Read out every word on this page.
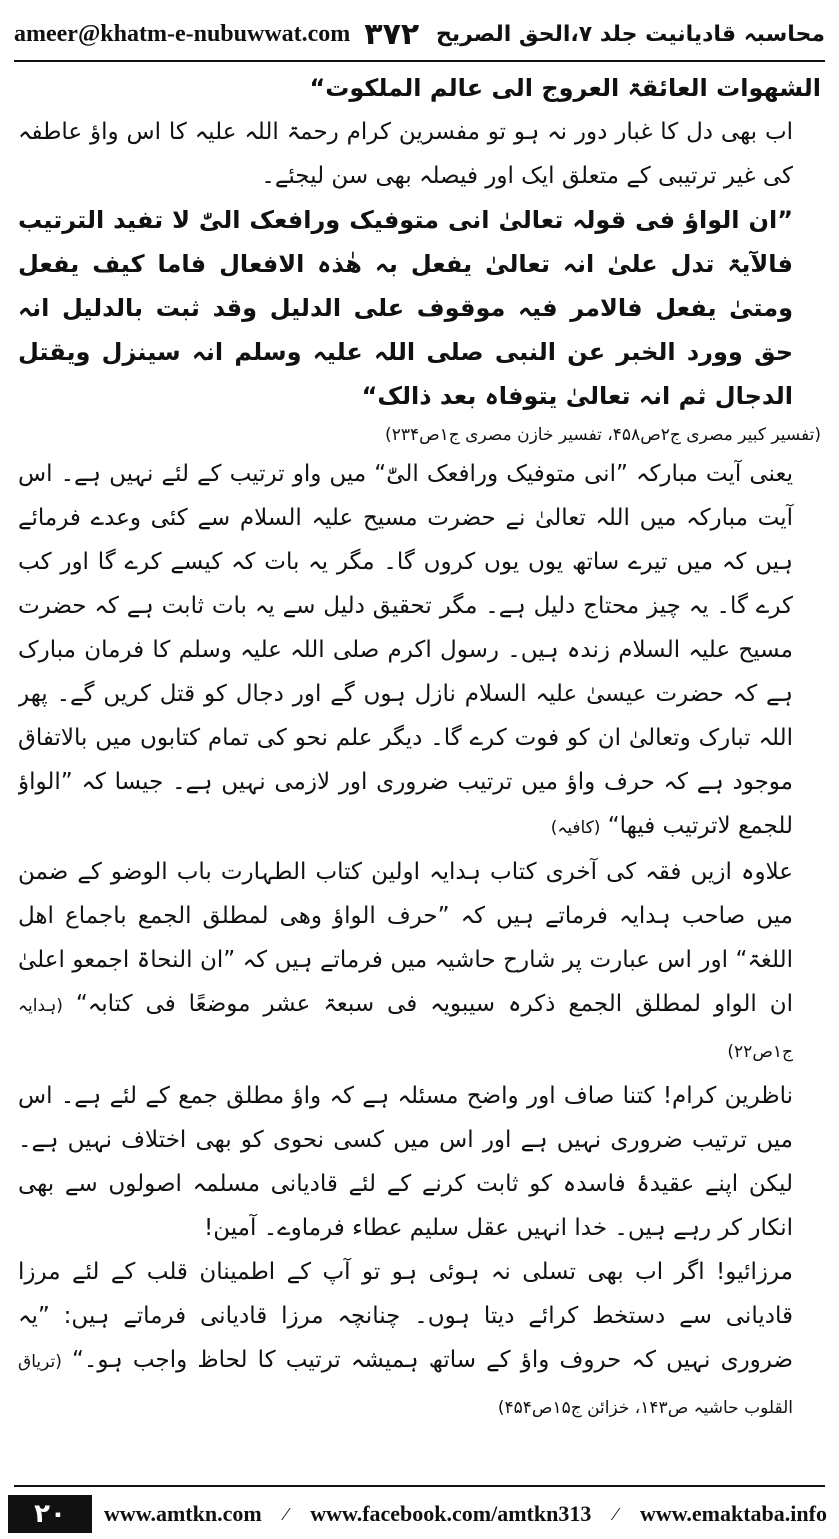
ameer@khatm-e-nubuwwat.com ۳۷۲ محاسبہ قادیانیت جلد ۷،الحق الصریح

الشھوات العائقۃ العروج الی عالم الملکوت“

اب بھی دل کا غبار دور نہ ہو تو مفسرین کرام رحمۃ اللہ علیہ کا اس واؤ عاطفہ کی غیر ترتیبی کے متعلق ایک اور فیصلہ بھی سن لیجئے۔

”ان الواؤ فی قولہ تعالیٰ انی متوفیک ورافعک الیّٰ لا تفید الترتیب فالآیۃ تدل علیٰ انہ تعالیٰ یفعل بہ ھٰذہ الافعال فاما کیف یفعل ومتیٰ یفعل فالامر فیہ موقوف علی الدلیل وقد ثبت بالدلیل انہ حق وورد الخبر عن النبی صلی اللہ علیہ وسلم انہ سینزل ویقتل الدجال ثم انہ تعالیٰ یتوفاہ بعد ذالک“

(تفسیر کبیر مصری ج۲ص۴۵۸، تفسیر خازن مصری ج۱ص۲۳۴)

یعنی آیت مبارکہ ”انی متوفیک ورافعک الیّٰ“ میں واو ترتیب کے لئے نہیں ہے۔ اس آیت مبارکہ میں اللہ تعالیٰ نے حضرت مسیح علیہ السلام سے کئی وعدے فرمائے ہیں کہ میں تیرے ساتھ یوں یوں کروں گا۔ مگر یہ بات کہ کیسے کرے گا اور کب کرے گا۔ یہ چیز محتاج دلیل ہے۔ مگر تحقیق دلیل سے یہ بات ثابت ہے کہ حضرت مسیح علیہ السلام زندہ ہیں۔ رسول اکرم صلی اللہ علیہ وسلم کا فرمان مبارک ہے کہ حضرت عیسیٰ علیہ السلام نازل ہوں گے اور دجال کو قتل کریں گے۔ پھر اللہ تبارک وتعالیٰ ان کو فوت کرے گا۔ دیگر علم نحو کی تمام کتابوں میں بالاتفاق موجود ہے کہ حرف واؤ میں ترتیب ضروری اور لازمی نہیں ہے۔ جیسا کہ ”الواؤ للجمع لاترتیب فیھا“ (کافیہ)

علاوہ ازیں فقہ کی آخری کتاب ہدایہ اولین کتاب الطہارت باب الوضو کے ضمن میں صاحب ہدایہ فرماتے ہیں کہ ”حرف الواؤ وھی لمطلق الجمع باجماع اھل اللغۃ“ اور اس عبارت پر شارح حاشیہ میں فرماتے ہیں کہ ”ان النحاۃ اجمعو اعلیٰ ان الواو لمطلق الجمع ذکرہ سیبویہ فی سبعۃ عشر موضعًا فی کتابہ“ (ہدایہ ج۱ص۲۲)

ناظرین کرام! کتنا صاف اور واضح مسئلہ ہے کہ واؤ مطلق جمع کے لئے ہے۔ اس میں ترتیب ضروری نہیں ہے اور اس میں کسی نحوی کو بھی اختلاف نہیں ہے۔ لیکن اپنے عقیدۂ فاسدہ کو ثابت کرنے کے لئے قادیانی مسلمہ اصولوں سے بھی انکار کر رہے ہیں۔ خدا انہیں عقل سلیم عطاء فرماوے۔ آمین!

مرزائیو! اگر اب بھی تسلی نہ ہوئی ہو تو آپ کے اطمینان قلب کے لئے مرزا قادیانی سے دستخط کرائے دیتا ہوں۔ چنانچہ مرزا قادیانی فرماتے ہیں: ”یہ ضروری نہیں کہ حروف واؤ کے ساتھ ہمیشہ ترتیب کا لحاظ واجب ہو۔“ (تریاق القلوب حاشیہ ص۱۴۳، خزائن ج۱۵ص۴۵۴)

۲۰	www.amtkn.com ⁄ www.facebook.com/amtkn313 ⁄ www.emaktaba.info
